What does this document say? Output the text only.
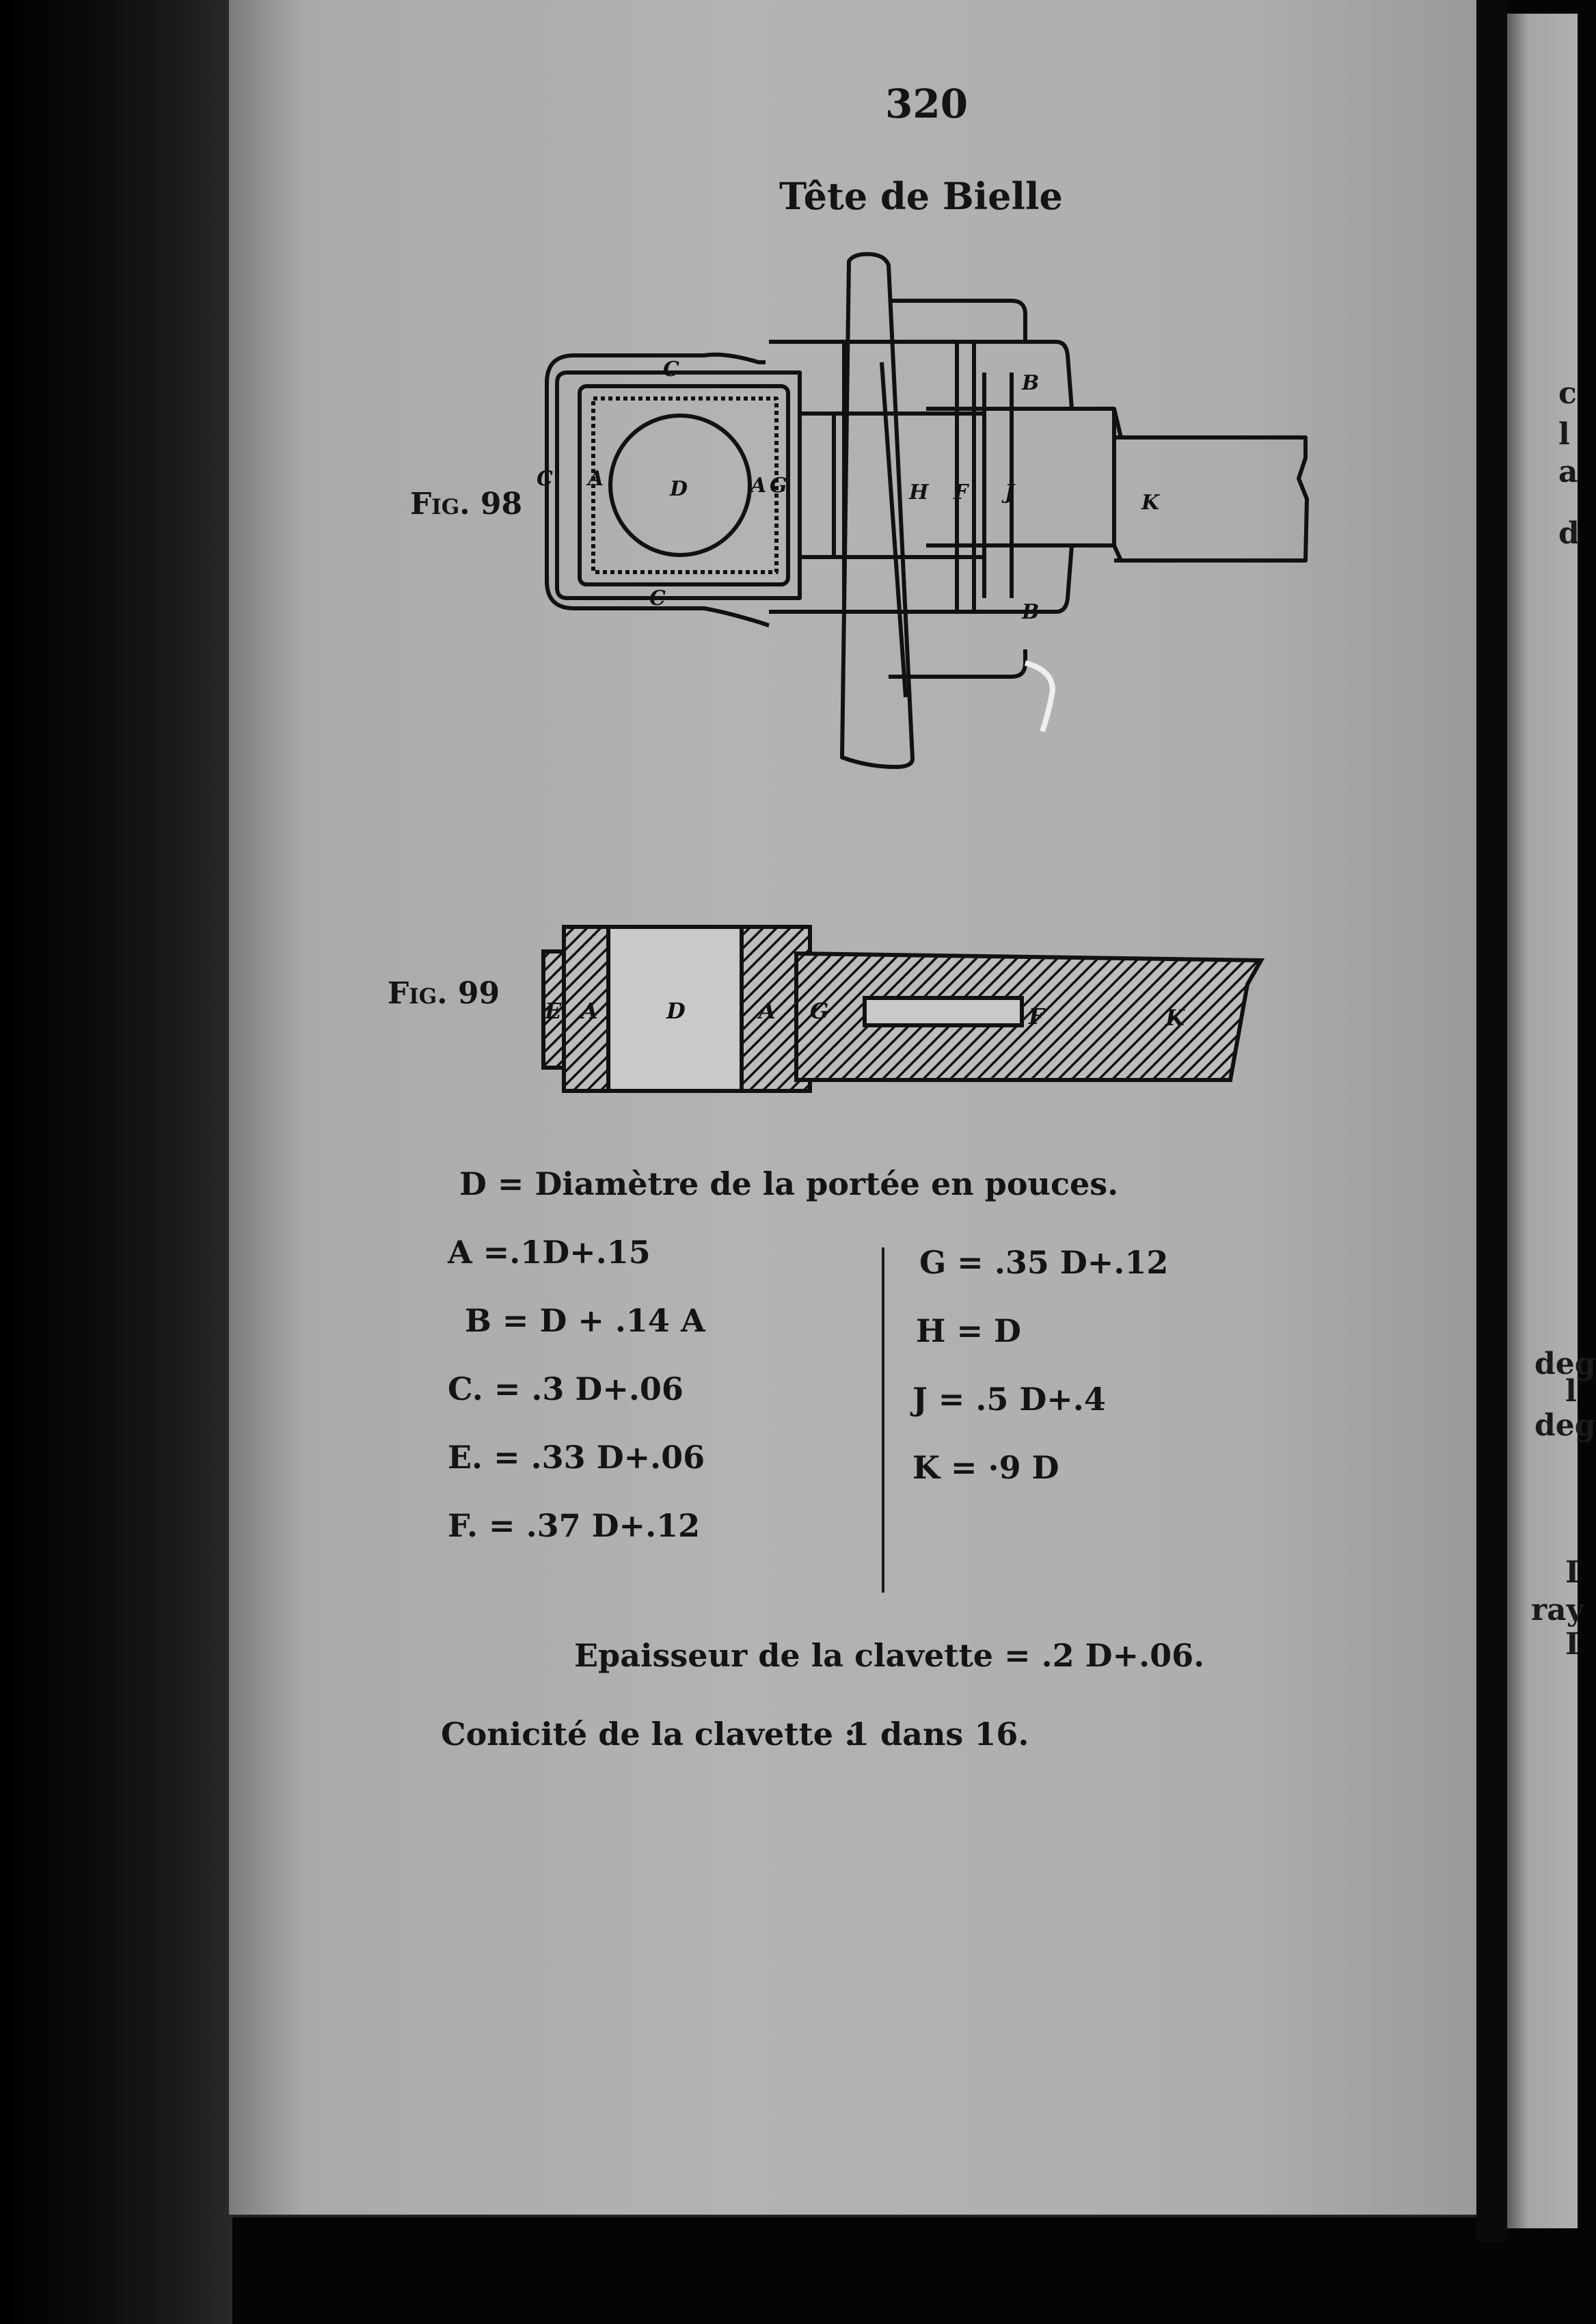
c
l
a
d
deg
l
deg
I
ray
I
320
Tête de Bielle
Fig. 98	D
A	A G
C
C
C
B
B
H F J	K
Fig. 99 E A	D	A G	F	K
D = Diamètre de la portée en pouces.
A =.1D+.15
B = D + .14 A
C. = .3 D+.06
E. = .33 D+.06
F. = .37 D+.12
G = .35 D+.12
H = D
J = .5 D+.4
K = ·9 D
Epaisseur de la clavette = .2 D+.06.
Conicité de la clavette :
1 dans 16.
